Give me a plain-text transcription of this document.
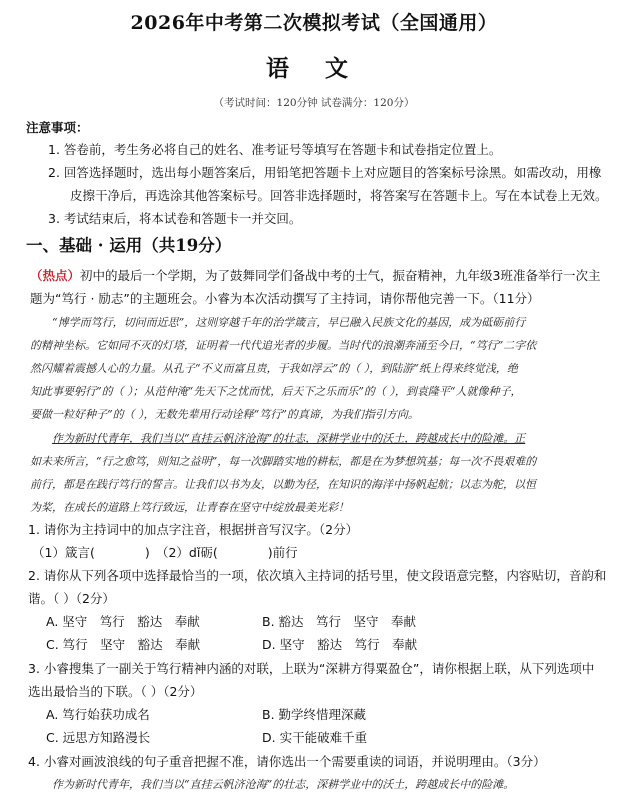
2026年中考第二次模拟考试（全国通用）
语 文
（考试时间：120分钟 试卷满分：120分）
注意事项：
1. 答卷前，考生务必将自己的姓名、准考证号等填写在答题卡和试卷指定位置上。
2. 回答选择题时，选出每小题答案后，用铅笔把答题卡上对应题目的答案标号涂黑。如需改动，用橡
皮擦干净后，再选涂其他答案标号。回答非选择题时，将答案写在答题卡上。写在本试卷上无效。
3. 考试结束后，将本试卷和答题卡一并交回。
一、基础 · 运用（共19分）
（热点）初中的最后一个学期，为了鼓舞同学们备战中考的士气，振奋精神，九年级3班准备举行一次主
题为“笃行 · 励志”的主题班会。小睿为本次活动撰写了主持词，请你帮他完善一下。（11分）
“博学而笃行，切问而近思”，这则穿越千年的治学箴言，早已融入民族文化的基因，成为砥砺前行
的精神坐标。它如同不灭的灯塔，证明着一代代追光者的步履。当时代的浪潮奔涌至今日，“笃行”二字依
然闪耀着震撼人心的力量。从孔子“不义而富且贵，于我如浮云”的（ ），到陆游“纸上得来终觉浅，绝
知此事要躬行”的（ ）；从范仲淹“先天下之忧而忧，后天下之乐而乐”的（ ），到袁隆平“人就像种子，
要做一粒好种子”的（ ），无数先辈用行动诠释“笃行”的真谛，为我们指引方向。
作为新时代青年，我们当以“直挂云帆济沧海”的壮志，深耕学业中的沃土，跨越成长中的险滩。正
如未来所言，“行之愈笃，则知之益明”，每一次脚踏实地的耕耘，都是在为梦想筑基；每一次不畏艰难的
前行，都是在践行笃行的誓言。让我们以书为友，以勤为径，在知识的海洋中扬帆起航；以志为舵，以恒
为桨，在成长的道路上笃行致远，让青春在坚守中绽放最美光彩！
1. 请你为主持词中的加点字注音，根据拼音写汉字。（2分）
（1）箴言(　　　　)　（2）dǐ砺(　　　　)前行
2. 请你从下列各项中选择最恰当的一项，依次填入主持词的括号里，使文段语意完整，内容贴切，音韵和
谐。（ ）（2分）
A. 坚守　笃行　豁达　奉献	B. 豁达　笃行　坚守　奉献
C. 笃行　坚守　豁达　奉献	D. 坚守　豁达　笃行　奉献
3. 小睿搜集了一副关于笃行精神内涵的对联，上联为“深耕方得粟盈仓”，请你根据上联，从下列选项中
选出最恰当的下联。（ ）（2分）
A. 笃行始获功成名	B. 勤学终惜理深藏
C. 远思方知路漫长	D. 实干能破难千重
4. 小睿对画波浪线的句子重音把握不准，请你选出一个需要重读的词语，并说明理由。（3分）
作为新时代青年，我们当以“直挂云帆济沧海”的壮志，深耕学业中的沃土，跨越成长中的险滩。
